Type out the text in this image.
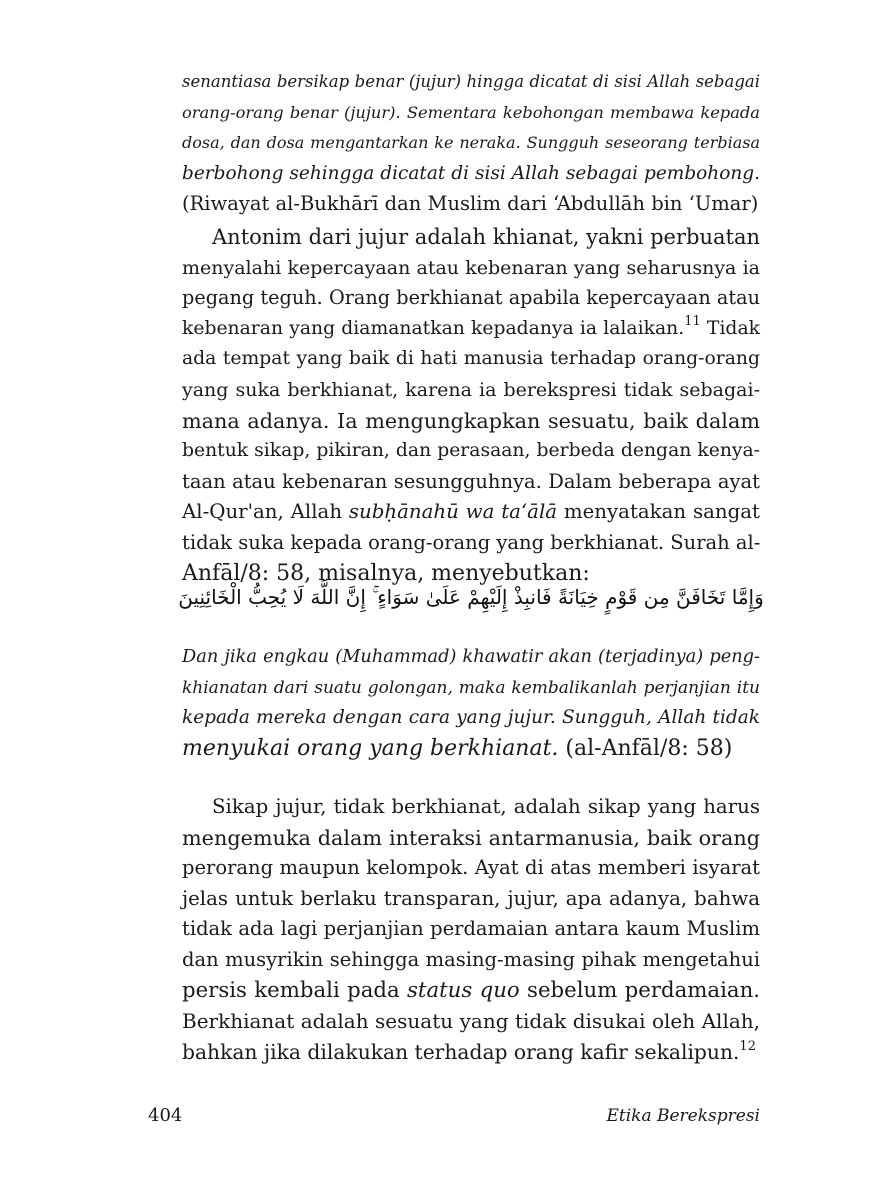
senantiasa bersikap benar (jujur) hingga dicatat di sisi Allah sebagai
orang-orang benar (jujur). Sementara kebohongan membawa kepada
dosa, dan dosa mengantarkan ke neraka. Sungguh seseorang terbiasa
berbohong sehingga dicatat di sisi Allah sebagai pembohong.
(Riwayat al-Bukhārī dan Muslim dari ‘Abdullāh bin ‘Umar)
Antonim dari jujur adalah khianat, yakni perbuatan
menyalahi kepercayaan atau kebenaran yang seharusnya ia
pegang teguh. Orang berkhianat apabila kepercayaan atau
kebenaran yang diamanatkan kepadanya ia lalaikan.$^{11}$ Tidak
ada tempat yang baik di hati manusia terhadap orang-orang
yang suka berkhianat, karena ia berekspresi tidak sebagai-
mana adanya. Ia mengungkapkan sesuatu, baik dalam
bentuk sikap, pikiran, dan perasaan, berbeda dengan kenya-
taan atau kebenaran sesungguhnya. Dalam beberapa ayat
Al-Qur'an, Allah subḥānahū wa ta‘ālā menyatakan sangat
tidak suka kepada orang-orang yang berkhianat. Surah al-
Anfāl/8: 58, misalnya, menyebutkan:
وَإِمَّا تَخَافَنَّ مِن قَوْمٍ خِيَانَةً فَانبِذْ إِلَيْهِمْ عَلَىٰ سَوَاءٍ ۚ إِنَّ اللَّهَ لَا يُحِبُّ الْخَائِنِينَ
Dan jika engkau (Muhammad) khawatir akan (terjadinya) peng-
khianatan dari suatu golongan, maka kembalikanlah perjanjian itu
kepada mereka dengan cara yang jujur. Sungguh, Allah tidak
menyukai orang yang berkhianat. (al-Anfāl/8: 58)
Sikap jujur, tidak berkhianat, adalah sikap yang harus
mengemuka dalam interaksi antarmanusia, baik orang
perorang maupun kelompok. Ayat di atas memberi isyarat
jelas untuk berlaku transparan, jujur, apa adanya, bahwa
tidak ada lagi perjanjian perdamaian antara kaum Muslim
dan musyrikin sehingga masing-masing pihak mengetahui
persis kembali pada status quo sebelum perdamaian.
Berkhianat adalah sesuatu yang tidak disukai oleh Allah,
bahkan jika dilakukan terhadap orang kafir sekalipun.$^{12}$
404	Etika Berekspresi
